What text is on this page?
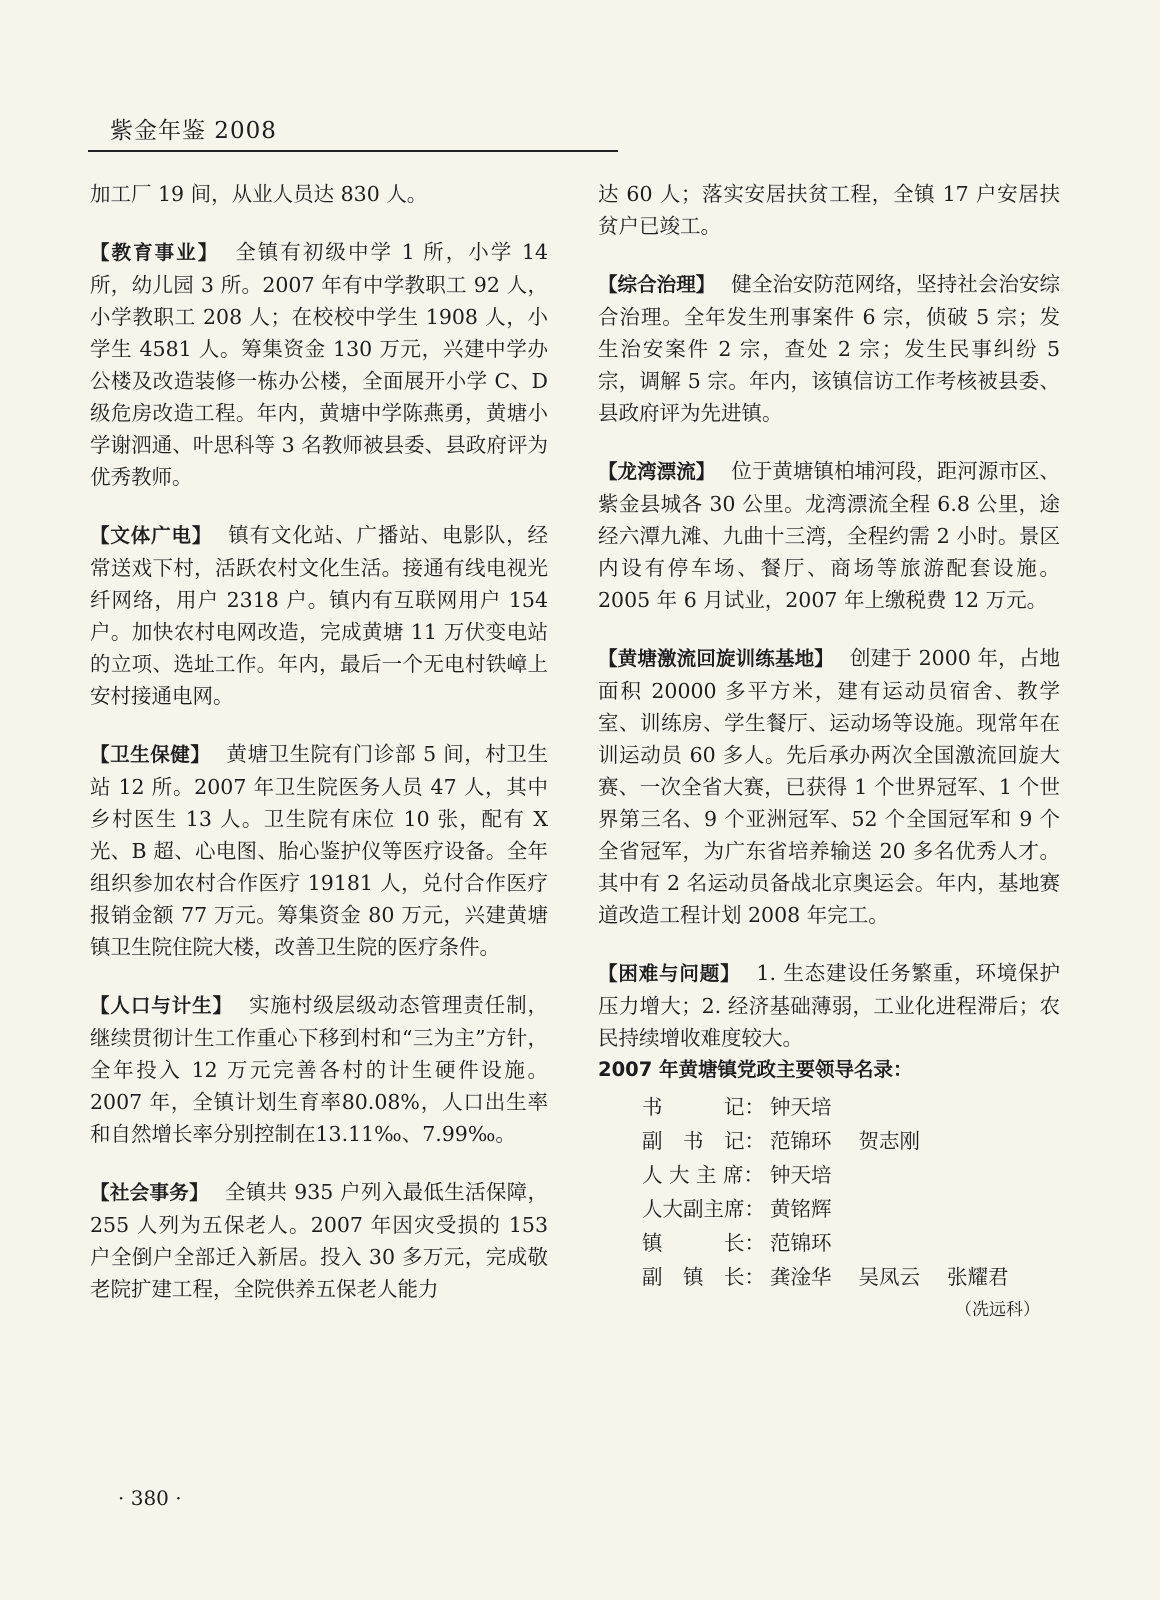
紫金年鉴 2008

加工厂 19 间，从业人员达 830 人。

【教育事业】 全镇有初级中学 1 所，小学 14 所，幼儿园 3 所。2007 年有中学教职工 92 人，小学教职工 208 人；在校校中学生 1908 人，小学生 4581 人。筹集资金 130 万元，兴建中学办公楼及改造装修一栋办公楼，全面展开小学 C、D 级危房改造工程。年内，黄塘中学陈燕勇，黄塘小学谢泗通、叶思科等 3 名教师被县委、县政府评为优秀教师。
【文体广电】 镇有文化站、广播站、电影队，经常送戏下村，活跃农村文化生活。接通有线电视光纤网络，用户 2318 户。镇内有互联网用户 154 户。加快农村电网改造，完成黄塘 11 万伏变电站的立项、选址工作。年内，最后一个无电村铁嶂上安村接通电网。
【卫生保健】 黄塘卫生院有门诊部 5 间，村卫生站 12 所。2007 年卫生院医务人员 47 人，其中乡村医生 13 人。卫生院有床位 10 张，配有 X 光、B 超、心电图、胎心鉴护仪等医疗设备。全年组织参加农村合作医疗 19181 人，兑付合作医疗报销金额 77 万元。筹集资金 80 万元，兴建黄塘镇卫生院住院大楼，改善卫生院的医疗条件。
【人口与计生】 实施村级层级动态管理责任制，继续贯彻计生工作重心下移到村和“三为主”方针，全年投入 12 万元完善各村的计生硬件设施。2007 年，全镇计划生育率80.08%，人口出生率和自然增长率分别控制在13.11‰、7.99‰。
【社会事务】 全镇共 935 户列入最低生活保障，255 人列为五保老人。2007 年因灾受损的 153 户全倒户全部迁入新居。投入 30 多万元，完成敬老院扩建工程，全院供养五保老人能力

达 60 人；落实安居扶贫工程，全镇 17 户安居扶贫户已竣工。

【综合治理】 健全治安防范网络，坚持社会治安综合治理。全年发生刑事案件 6 宗，侦破 5 宗；发生治安案件 2 宗，查处 2 宗；发生民事纠纷 5 宗，调解 5 宗。年内，该镇信访工作考核被县委、县政府评为先进镇。
【龙湾漂流】 位于黄塘镇柏埔河段，距河源市区、紫金县城各 30 公里。龙湾漂流全程 6.8 公里，途经六潭九滩、九曲十三湾，全程约需 2 小时。景区内设有停车场、餐厅、商场等旅游配套设施。2005 年 6 月试业，2007 年上缴税费 12 万元。
【黄塘激流回旋训练基地】 创建于 2000 年，占地面积 20000 多平方米，建有运动员宿舍、教学室、训练房、学生餐厅、运动场等设施。现常年在训运动员 60 多人。先后承办两次全国激流回旋大赛、一次全省大赛，已获得 1 个世界冠军、1 个世界第三名、9 个亚洲冠军、52 个全国冠军和 9 个全省冠军，为广东省培养输送 20 多名优秀人才。其中有 2 名运动员备战北京奥运会。年内，基地赛道改造工程计划 2008 年完工。
【困难与问题】 1. 生态建设任务繁重，环境保护压力增大；2. 经济基础薄弱，工业化进程滞后；农民持续增收难度较大。

2007 年黄塘镇党政主要领导名录：

书　　　记： 钟天培
副　书　记： 范锦环　 贺志刚
人 大 主 席： 钟天培
人大副主席： 黄铭辉
镇　　　长： 范锦环
副　镇　长： 龚淦华　 吴凤云　 张耀君
（冼远科）
· 380 ·
